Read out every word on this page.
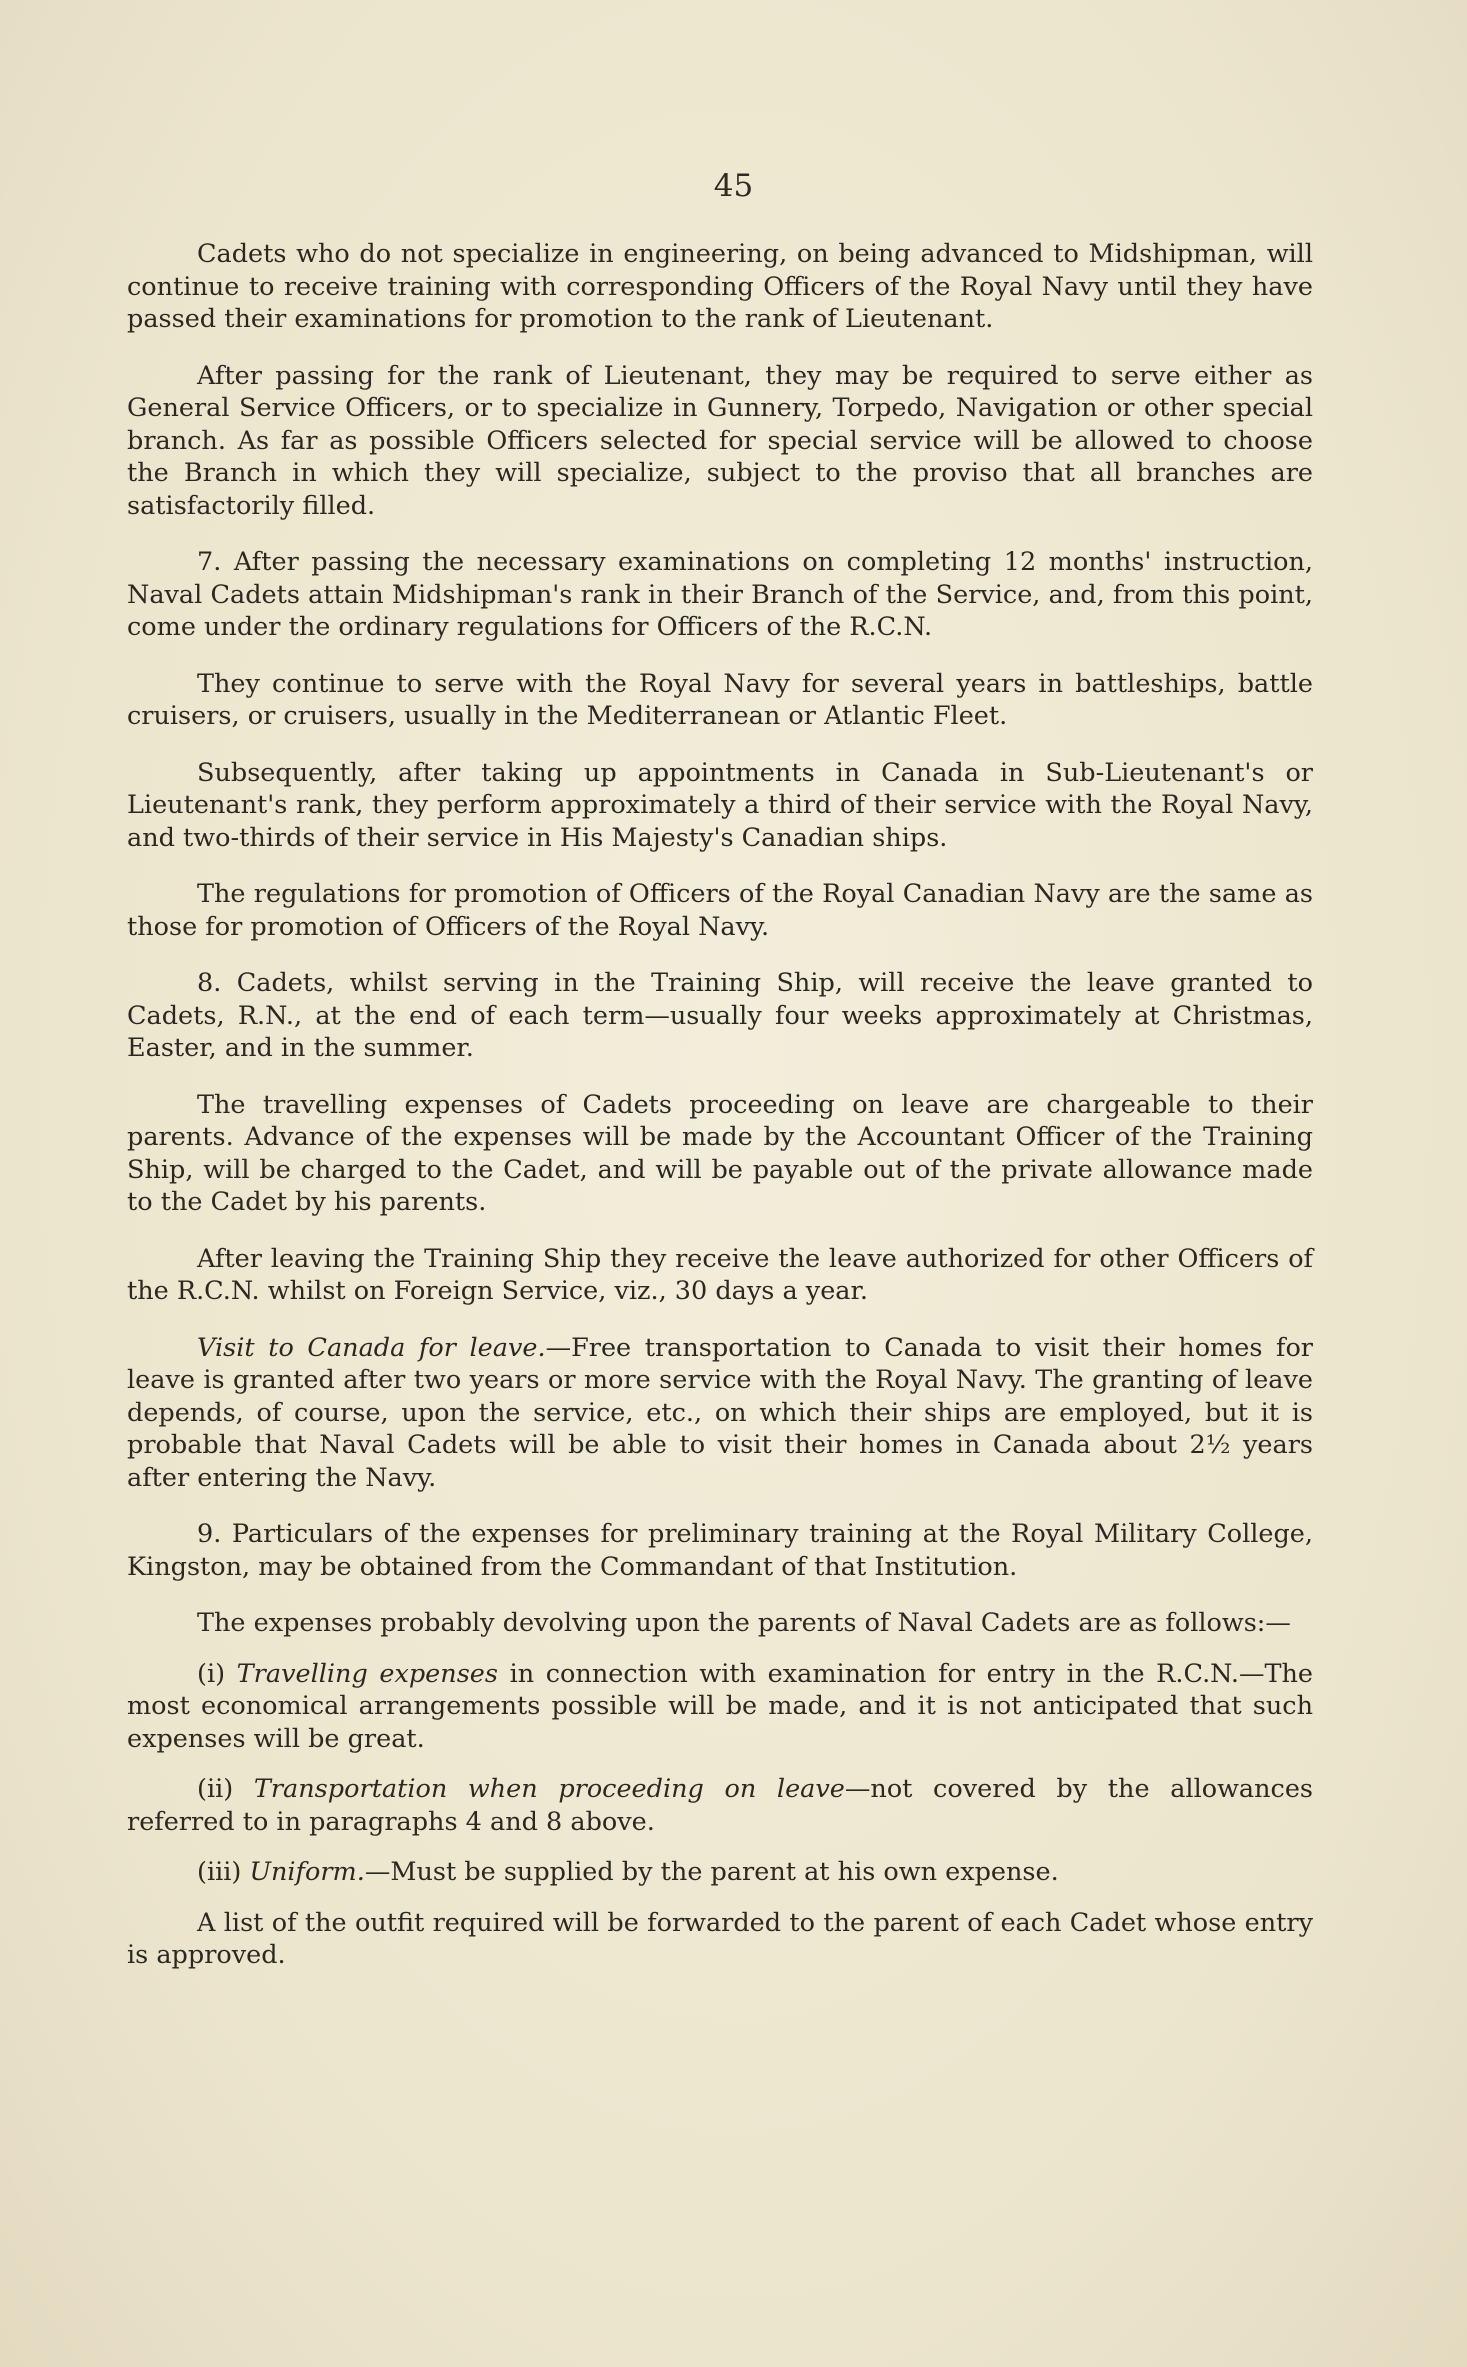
45

Cadets who do not specialize in engineering, on being advanced to Midshipman, will continue to receive training with corresponding Officers of the Royal Navy until they have passed their examinations for promotion to the rank of Lieutenant.

After passing for the rank of Lieutenant, they may be required to serve either as General Service Officers, or to specialize in Gunnery, Torpedo, Navigation or other special branch. As far as possible Officers selected for special service will be allowed to choose the Branch in which they will specialize, subject to the proviso that all branches are satisfactorily filled.

7. After passing the necessary examinations on completing 12 months' instruction, Naval Cadets attain Midshipman's rank in their Branch of the Service, and, from this point, come under the ordinary regulations for Officers of the R.C.N.

They continue to serve with the Royal Navy for several years in battleships, battle cruisers, or cruisers, usually in the Mediterranean or Atlantic Fleet.

Subsequently, after taking up appointments in Canada in Sub-Lieutenant's or Lieutenant's rank, they perform approximately a third of their service with the Royal Navy, and two-thirds of their service in His Majesty's Canadian ships.

The regulations for promotion of Officers of the Royal Canadian Navy are the same as those for promotion of Officers of the Royal Navy.

8. Cadets, whilst serving in the Training Ship, will receive the leave granted to Cadets, R.N., at the end of each term—usually four weeks approximately at Christmas, Easter, and in the summer.

The travelling expenses of Cadets proceeding on leave are chargeable to their parents. Advance of the expenses will be made by the Accountant Officer of the Training Ship, will be charged to the Cadet, and will be payable out of the private allowance made to the Cadet by his parents.

After leaving the Training Ship they receive the leave authorized for other Officers of the R.C.N. whilst on Foreign Service, viz., 30 days a year.

Visit to Canada for leave.—Free transportation to Canada to visit their homes for leave is granted after two years or more service with the Royal Navy. The granting of leave depends, of course, upon the service, etc., on which their ships are employed, but it is probable that Naval Cadets will be able to visit their homes in Canada about 2½ years after entering the Navy.

9. Particulars of the expenses for preliminary training at the Royal Military College, Kingston, may be obtained from the Commandant of that Institution.

The expenses probably devolving upon the parents of Naval Cadets are as follows:—

(i) Travelling expenses in connection with examination for entry in the R.C.N.—The most economical arrangements possible will be made, and it is not anticipated that such expenses will be great.

(ii) Transportation when proceeding on leave—not covered by the allowances referred to in paragraphs 4 and 8 above.

(iii) Uniform.—Must be supplied by the parent at his own expense.

A list of the outfit required will be forwarded to the parent of each Cadet whose entry is approved.
